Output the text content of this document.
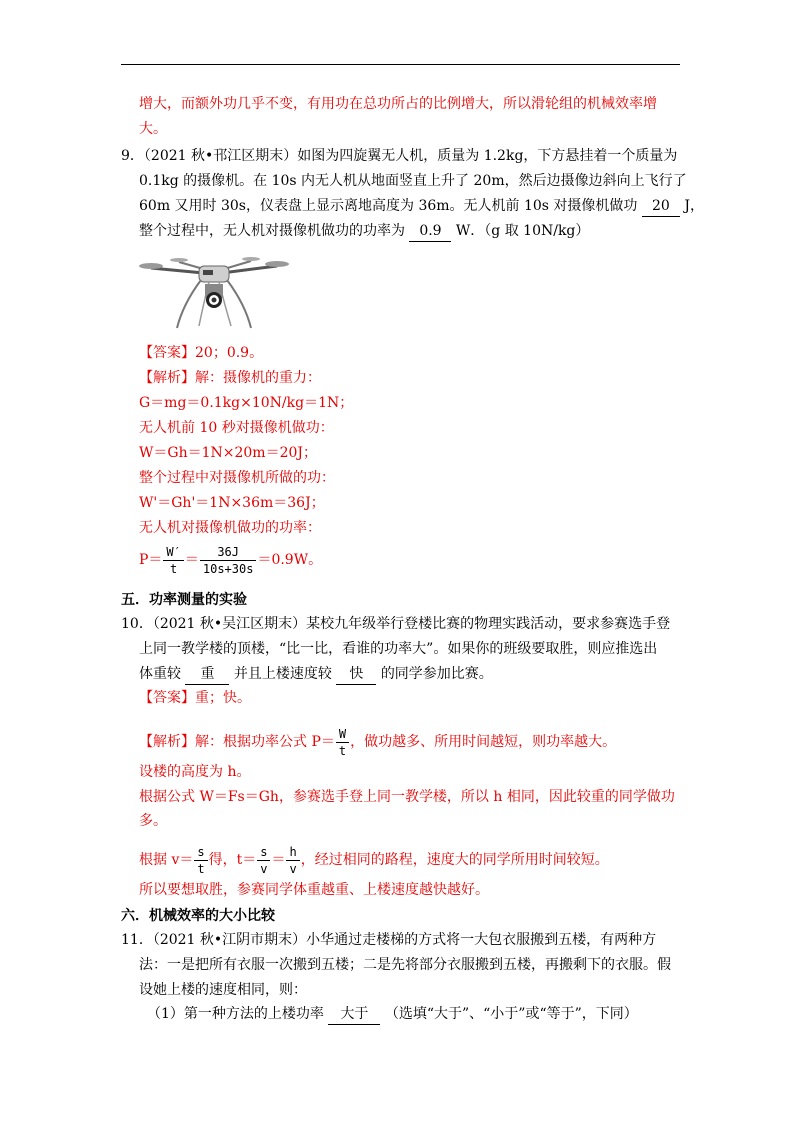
增大，而额外功几乎不变，有用功在总功所占的比例增大，所以滑轮组的机械效率增
大。
9．（2021 秋•邗江区期末）如图为四旋翼无人机，质量为 1.2kg，下方悬挂着一个质量为
0.1kg 的摄像机。在 10s 内无人机从地面竖直上升了 20m，然后边摄像边斜向上飞行了
60m 又用时 30s，仪表盘上显示离地高度为 36m。无人机前 10s 对摄像机做功 20 J，
整个过程中，无人机对摄像机做功的功率为 0.9 W．（g 取 10N/kg）
【答案】20；0.9。
【解析】解：摄像机的重力：
G＝mg＝0.1kg×10N/kg＝1N；
无人机前 10 秒对摄像机做功：
W＝Gh＝1N×20m＝20J；
整个过程中对摄像机所做的功：
W'＝Gh'＝1N×36m＝36J；
无人机对摄像机做功的功率：
$P= \frac{W'}{t} = \frac{36J}{10s+30s} =0.9W$。
五．功率测量的实验
10．（2021 秋•吴江区期末）某校九年级举行登楼比赛的物理实践活动，要求参赛选手登
上同一教学楼的顶楼，“比一比，看谁的功率大”。如果你的班级要取胜，则应推选出
体重较 重 并且上楼速度较 快 的同学参加比赛。
【答案】重；快。
【解析】解：根据功率公式 $P= \frac{W}{t}$ ，做功越多、所用时间越短，则功率越大。
设楼的高度为 h。
根据公式 W＝Fs＝Gh，参赛选手登上同一教学楼，所以 h 相同，因此较重的同学做功
多。
根据 $v= \frac{s}{t}$ 得，$t= \frac{s}{v} = \frac{h}{v}$ ，经过相同的路程，速度大的同学所用时间较短。
所以要想取胜，参赛同学体重越重、上楼速度越快越好。
六．机械效率的大小比较
11．（2021 秋•江阴市期末）小华通过走楼梯的方式将一大包衣服搬到五楼，有两种方
法：一是把所有衣服一次搬到五楼；二是先将部分衣服搬到五楼，再搬剩下的衣服。假
设她上楼的速度相同，则：
（1）第一种方法的上楼功率 大于 （选填“大于”、“小于”或“等于”，下同）
